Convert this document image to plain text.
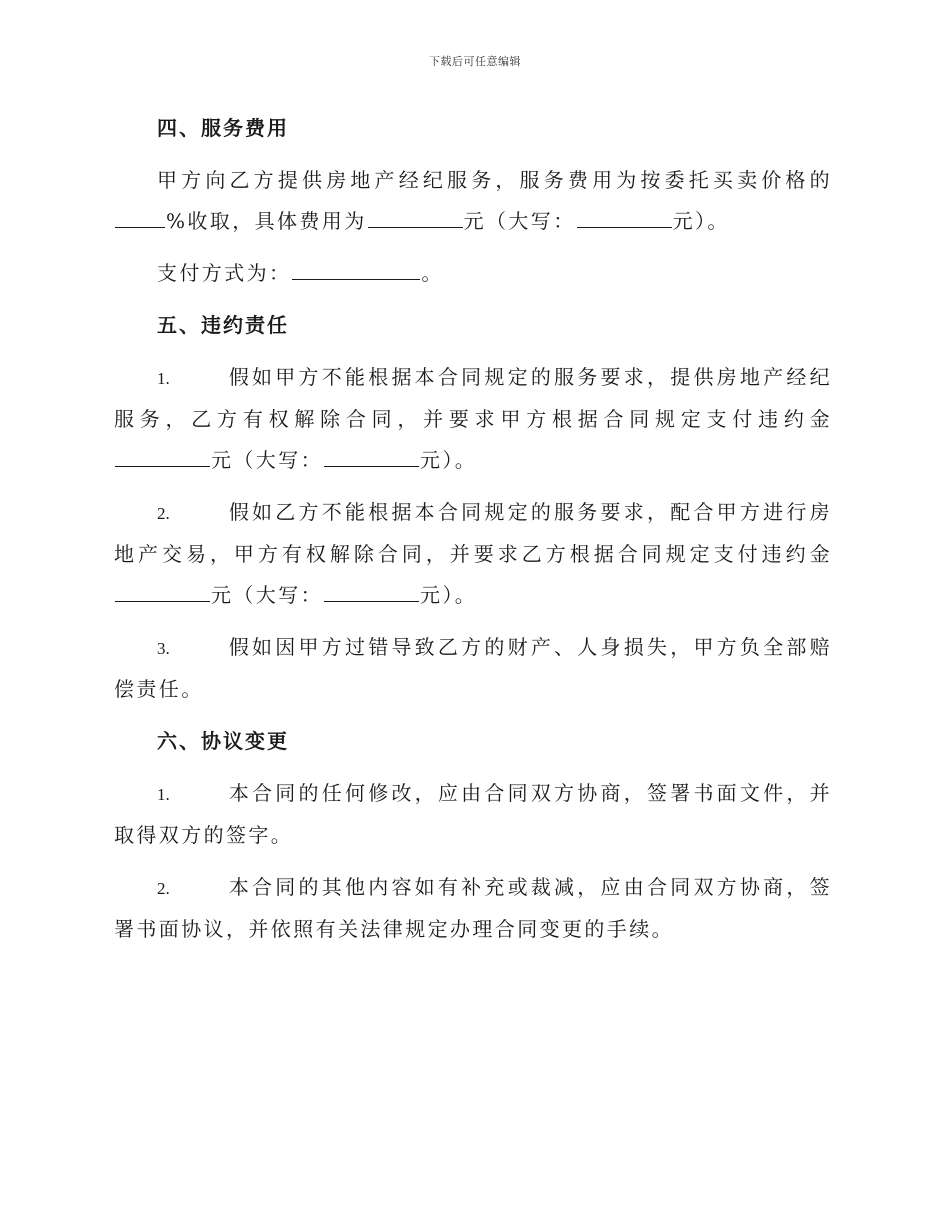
下载后可任意编辑
四、服务费用
甲方向乙方提供房地产经纪服务，服务费用为按委托买卖价格的%收取，具体费用为	元（大写：	元）。
支付方式为：	。
五、违约责任
1.	假如甲方不能根据本合同规定的服务要求，提供房地产经纪服务，乙方有权解除合同，并要求甲方根据合同规定支付违约金元（大写：	元）。
2.	假如乙方不能根据本合同规定的服务要求，配合甲方进行房地产交易，甲方有权解除合同，并要求乙方根据合同规定支付违约金元（大写：	元）。
3.	假如因甲方过错导致乙方的财产、人身损失，甲方负全部赔偿责任。
六、协议变更
1.	本合同的任何修改，应由合同双方协商，签署书面文件，并取得双方的签字。
2.	本合同的其他内容如有补充或裁减，应由合同双方协商，签署书面协议，并依照有关法律规定办理合同变更的手续。
